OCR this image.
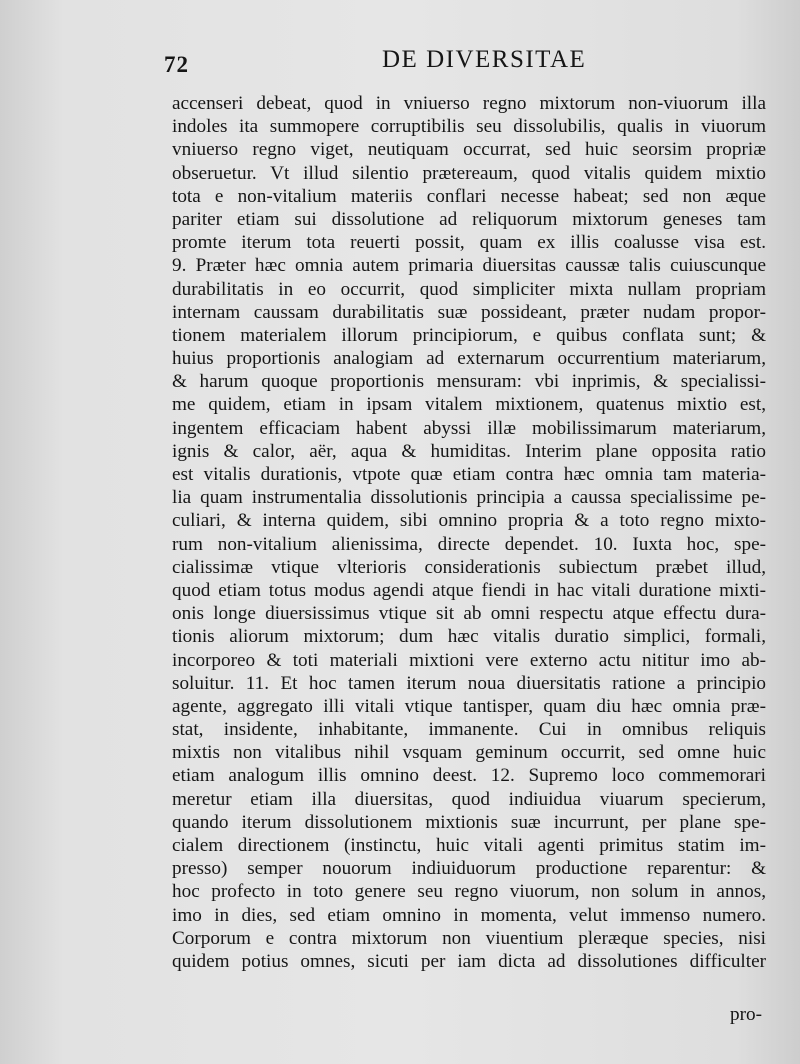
72	DE DIVERSITAE
accenseri debeat, quod in vniuerso regno mixtorum non-viuorum illa
indoles ita summopere corruptibilis seu dissolubilis, qualis in viuorum
vniuerso regno viget, neutiquam occurrat, sed huic seorsim propriæ
obseruetur. Vt illud silentio prætereaum, quod vitalis quidem mixtio
tota e non-vitalium materiis conflari necesse habeat; sed non æque
pariter etiam sui dissolutione ad reliquorum mixtorum geneses tam
promte iterum tota reuerti possit, quam ex illis coalusse visa est.
9. Præter hæc omnia autem primaria diuersitas caussæ talis cuiuscunque
durabilitatis in eo occurrit, quod simpliciter mixta nullam propriam
internam caussam durabilitatis suæ possideant, præter nudam propor-
tionem materialem illorum principiorum, e quibus conflata sunt; &
huius proportionis analogiam ad externarum occurrentium materiarum,
& harum quoque proportionis mensuram: vbi inprimis, & specialissi-
me quidem, etiam in ipsam vitalem mixtionem, quatenus mixtio est,
ingentem efficaciam habent abyssi illæ mobilissimarum materiarum,
ignis & calor, aër, aqua & humiditas. Interim plane opposita ratio
est vitalis durationis, vtpote quæ etiam contra hæc omnia tam materia-
lia quam instrumentalia dissolutionis principia a caussa specialissime pe-
culiari, & interna quidem, sibi omnino propria & a toto regno mixto-
rum non-vitalium alienissima, directe dependet. 10. Iuxta hoc, spe-
cialissimæ vtique vlterioris considerationis subiectum præbet illud,
quod etiam totus modus agendi atque fiendi in hac vitali duratione mixti-
onis longe diuersissimus vtique sit ab omni respectu atque effectu dura-
tionis aliorum mixtorum; dum hæc vitalis duratio simplici, formali,
incorporeo & toti materiali mixtioni vere externo actu nititur imo ab-
soluitur. 11. Et hoc tamen iterum noua diuersitatis ratione a principio
agente, aggregato illi vitali vtique tantisper, quam diu hæc omnia præ-
stat, insidente, inhabitante, immanente. Cui in omnibus reliquis
mixtis non vitalibus nihil vsquam geminum occurrit, sed omne huic
etiam analogum illis omnino deest. 12. Supremo loco commemorari
meretur etiam illa diuersitas, quod indiuidua viuarum specierum,
quando iterum dissolutionem mixtionis suæ incurrunt, per plane spe-
cialem directionem (instinctu, huic vitali agenti primitus statim im-
presso) semper nouorum indiuiduorum productione reparentur: &
hoc profecto in toto genere seu regno viuorum, non solum in annos,
imo in dies, sed etiam omnino in momenta, velut immenso numero.
Corporum e contra mixtorum non viuentium pleræque species, nisi
quidem potius omnes, sicuti per iam dicta ad dissolutiones difficulter
pro-
